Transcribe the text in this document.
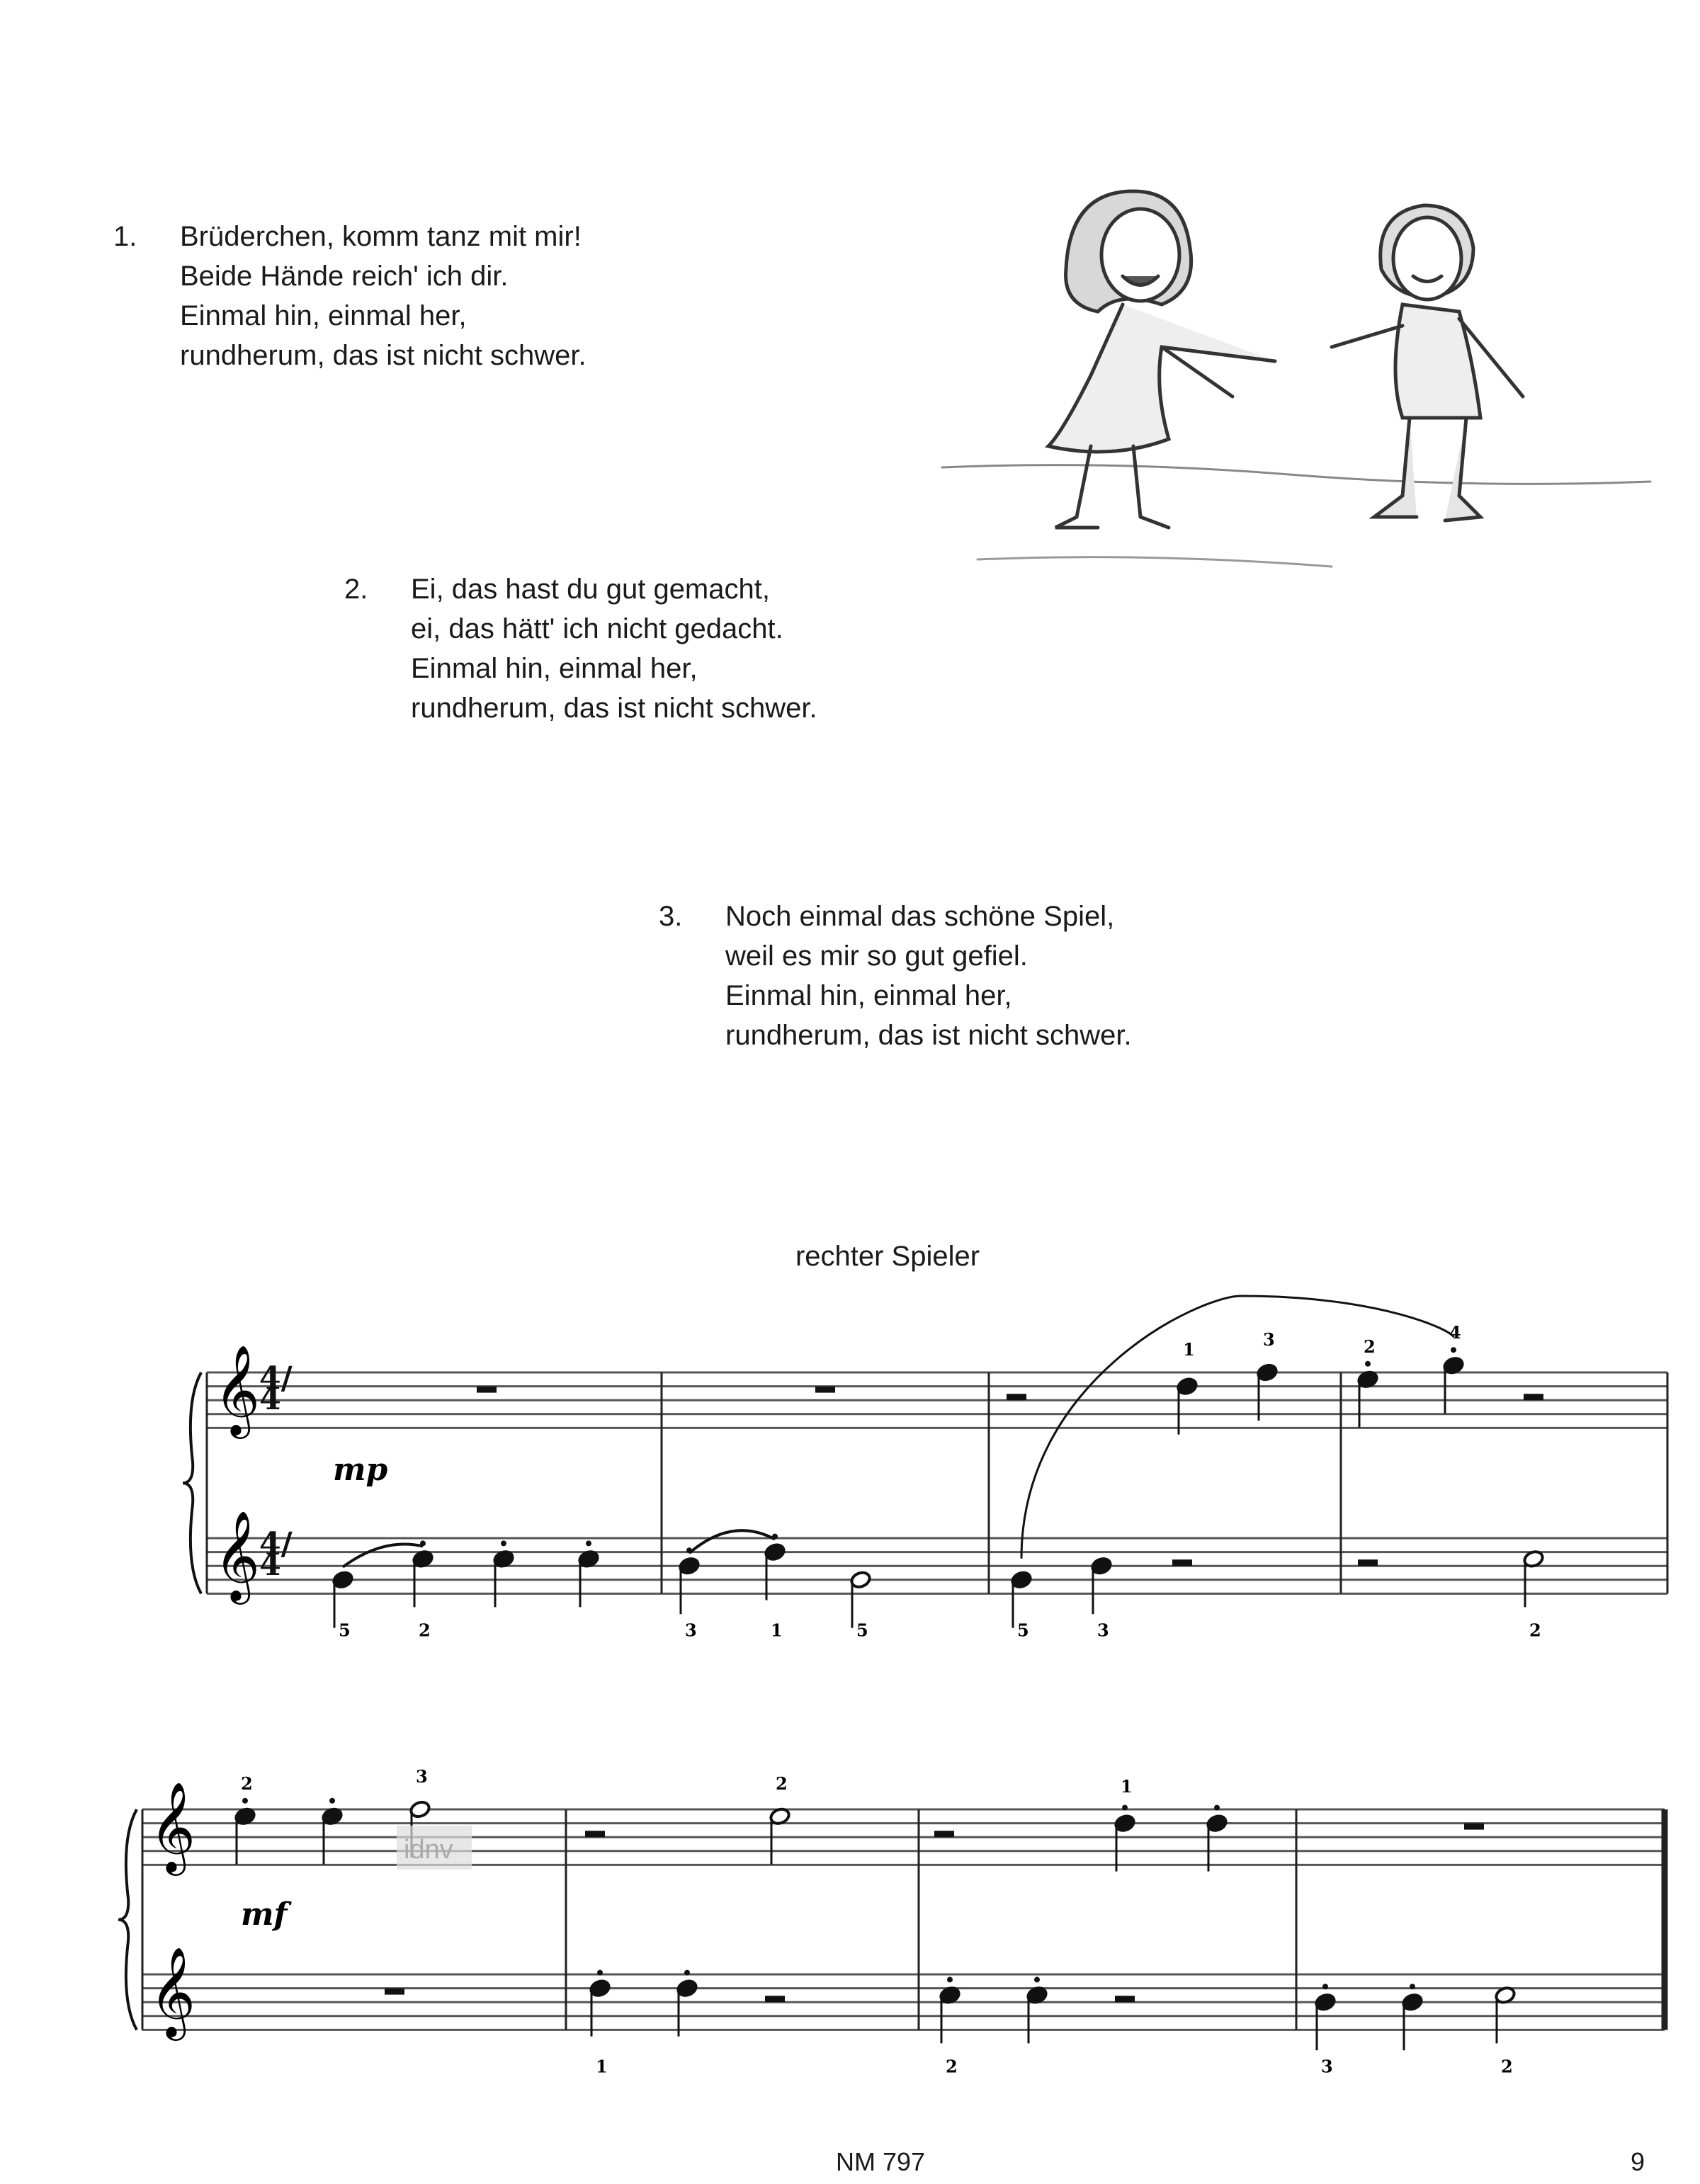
1. Brüderchen, komm tanz mit mir!
Beide Hände reich' ich dir.
Einmal hin, einmal her,
rundherum, das ist nicht schwer.
2. Ei, das hast du gut gemacht,
ei, das hätt' ich nicht gedacht.
Einmal hin, einmal her,
rundherum, das ist nicht schwer.
3. Noch einmal das schöne Spiel,
weil es mir so gut gefiel.
Einmal hin, einmal her,
rundherum, das ist nicht schwer.
rechter Spieler
𝄞
𝄞
mp
1	3	2
4
5	2	3	1	5	5	3	2
𝄞
𝄞
mf
2	3	2	1
1	2	3	2
idnv
4/4
4/4
NM 797	9
